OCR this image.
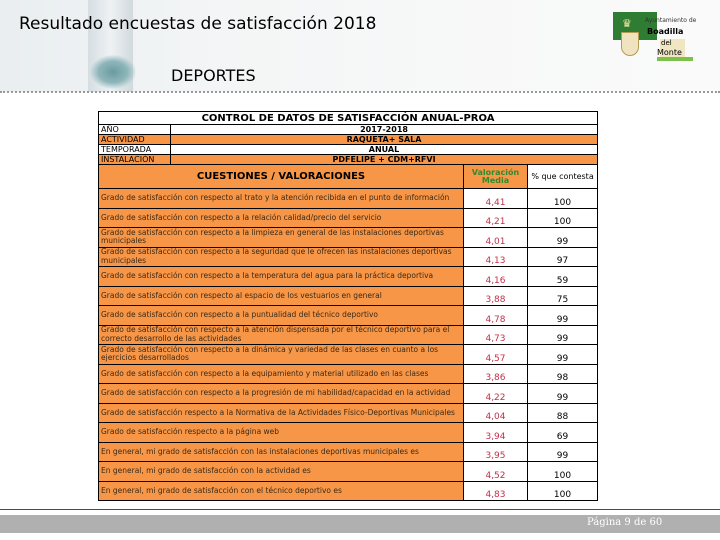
Resultado encuestas de satisfacción 2018
DEPORTES
♛ Ayuntamiento de
Boadilla
del
Monte
CONTROL DE DATOS DE SATISFACCIÓN ANUAL-PROA			
AÑO	2017-2018		
ACTIVIDAD	RAQUETA+ SALA		
TEMPORADA	ANUAL		
INSTALACIÓN	PDFELIPE + CDM+RFVI		
CUESTIONES / VALORACIONES		Valoración Media	% que contesta
Grado de satisfacción con respecto al trato y la atención recibida en el punto de información		4,41	100
Grado de satisfacción con respecto a la relación calidad/precio del servicio		4,21	100
Grado de satisfacción con respecto a la limpieza en general de las instalaciones deportivas municipales		4,01	99
Grado de satisfacción con respecto a la seguridad que le ofrecen las instalaciones deportivas municipales		4,13	97
Grado de satisfacción con respecto a la temperatura del agua para la práctica deportiva		4,16	59
Grado de satisfacción con respecto al espacio de los vestuarios en general		3,88	75
Grado de satisfacción con respecto a la puntualidad del técnico deportivo		4,78	99
Grado de satisfacción con respecto a la atención dispensada por el técnico deportivo para el correcto desarrollo de las actividades		4,73	99
Grado de satisfacción con respecto a la dinámica y variedad de las clases en cuanto a los ejercicios desarrollados		4,57	99
Grado de satisfacción con respecto a la equipamiento y material utilizado en las clases		3,86	98
Grado de satisfacción con respecto a la progresión de mi habilidad/capacidad en la actividad		4,22	99
Grado de satisfacción respecto a la Normativa de la Actividades Físico-Deportivas Municipales		4,04	88
Grado de satisfacción respecto a la página web		3,94	69
En general, mi grado de satisfacción con las instalaciones deportivas municipales es		3,95	99
En general, mi grado de satisfacción con la actividad es		4,52	100
En general, mi grado de satisfacción con el técnico deportivo es		4,83	100
Página 9 de 60
